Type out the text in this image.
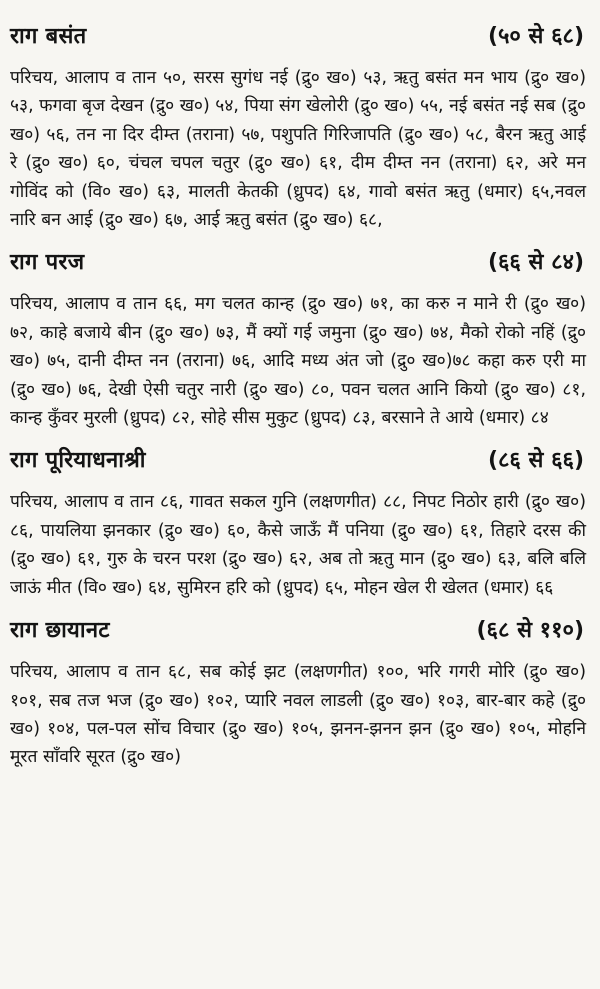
राग बसंत	(५० से ६८)

परिचय, आलाप व तान ५०, सरस सुगंध नई (द्रु० ख०) ५३, ऋतु बसंत मन भाय (द्रु० ख०) ५३, फगवा बृज देखन (द्रु० ख०) ५४, पिया संग खेलोरी (द्रु० ख०) ५५, नई बसंत नई सब (द्रु० ख०) ५६, तन ना दिर दीम्त (तराना) ५७, पशुपति गिरिजापति (द्रु० ख०) ५८, बैरन ऋतु आई रे (द्रु० ख०) ६०, चंचल चपल चतुर (द्रु० ख०) ६१, दीम दीम्त नन (तराना) ६२, अरे मन गोविंद को (वि० ख०) ६३, मालती केतकी (ध्रुपद) ६४, गावो बसंत ऋतु (धमार) ६५,नवल नारि बन आई (द्रु० ख०) ६७, आई ऋतु बसंत (द्रु० ख०) ६८,

राग परज	(६६ से ८४)

परिचय, आलाप व तान ६६, मग चलत कान्ह (द्रु० ख०) ७१, का करु न माने री (द्रु० ख०) ७२, काहे बजाये बीन (द्रु० ख०) ७३, मैं क्यों गई जमुना (द्रु० ख०) ७४, मैको रोको नहिं (द्रु० ख०) ७५, दानी दीम्त नन (तराना) ७६, आदि मध्य अंत जो (द्रु० ख०)७८ कहा करु एरी मा (द्रु० ख०) ७६, देखी ऐसी चतुर नारी (द्रु० ख०) ८०, पवन चलत आनि कियो (द्रु० ख०) ८१, कान्ह कुँवर मुरली (ध्रुपद) ८२, सोहे सीस मुकुट (ध्रुपद) ८३, बरसाने ते आये (धमार) ८४

राग पूरियाधनाश्री	(८६ से ६६)

परिचय, आलाप व तान ८६, गावत सकल गुनि (लक्षणगीत) ८८, निपट निठोर हारी (द्रु० ख०) ८६, पायलिया झनकार (द्रु० ख०) ६०, कैसे जाऊँ मैं पनिया (द्रु० ख०) ६१, तिहारे दरस की (द्रु० ख०) ६१, गुरु के चरन परश (द्रु० ख०) ६२, अब तो ऋतु मान (द्रु० ख०) ६३, बलि बलि जाऊं मीत (वि० ख०) ६४, सुमिरन हरि को (ध्रुपद) ६५, मोहन खेल री खेलत (धमार) ६६

राग छायानट	(६८ से ११०)

परिचय, आलाप व तान ६८, सब कोई झट (लक्षणगीत) १००, भरि गगरी मोरि (द्रु० ख०) १०१, सब तज भज (द्रु० ख०) १०२, प्यारि नवल लाडली (द्रु० ख०) १०३, बार-बार कहे (द्रु० ख०) १०४, पल-पल सोंच विचार (द्रु० ख०) १०५, झनन-झनन झन (द्रु० ख०) १०५, मोहनि मूरत साँवरि सूरत (द्रु० ख०)
